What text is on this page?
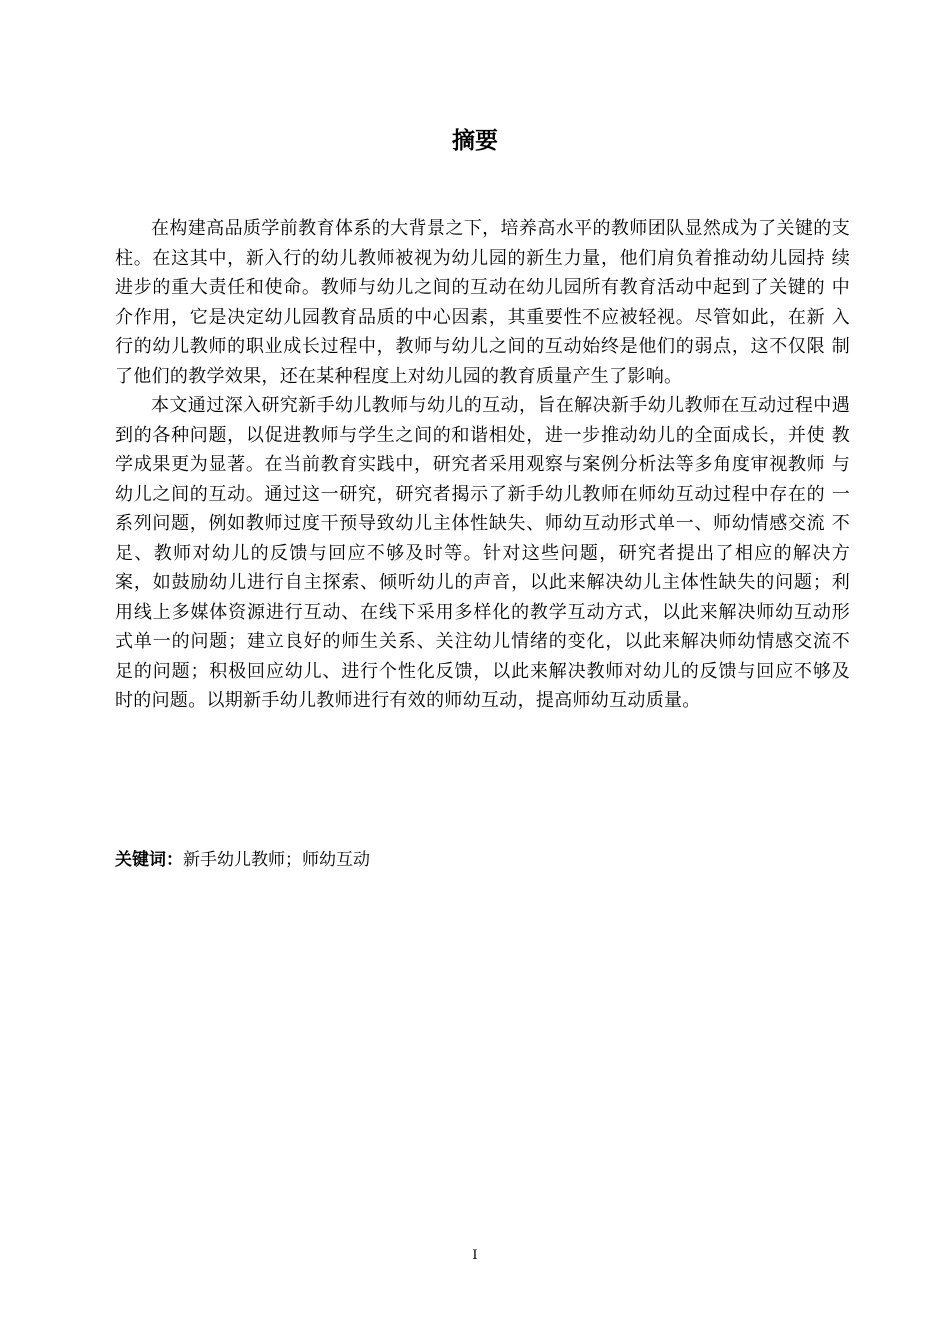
摘要

在构建高品质学前教育体系的大背景之下，培养高水平的教师团队显然成为了关键的支柱。在这其中，新入行的幼儿教师被视为幼儿园的新生力量，他们肩负着推动幼儿园持 续进步的重大责任和使命。教师与幼儿之间的互动在幼儿园所有教育活动中起到了关键的 中介作用，它是决定幼儿园教育品质的中心因素，其重要性不应被轻视。尽管如此，在新 入行的幼儿教师的职业成长过程中，教师与幼儿之间的互动始终是他们的弱点，这不仅限 制了他们的教学效果，还在某种程度上对幼儿园的教育质量产生了影响。

本文通过深入研究新手幼儿教师与幼儿的互动，旨在解决新手幼儿教师在互动过程中遇到的各种问题，以促进教师与学生之间的和谐相处，进一步推动幼儿的全面成长，并使 教学成果更为显著。在当前教育实践中，研究者采用观察与案例分析法等多角度审视教师 与幼儿之间的互动。通过这一研究，研究者揭示了新手幼儿教师在师幼互动过程中存在的 一系列问题，例如教师过度干预导致幼儿主体性缺失、师幼互动形式单一、师幼情感交流 不足、教师对幼儿的反馈与回应不够及时等。针对这些问题，研究者提出了相应的解决方 案，如鼓励幼儿进行自主探索、倾听幼儿的声音，以此来解决幼儿主体性缺失的问题；利 用线上多媒体资源进行互动、在线下采用多样化的教学互动方式，以此来解决师幼互动形 式单一的问题；建立良好的师生关系、关注幼儿情绪的变化，以此来解决师幼情感交流不 足的问题；积极回应幼儿、进行个性化反馈，以此来解决教师对幼儿的反馈与回应不够及 时的问题。以期新手幼儿教师进行有效的师幼互动，提高师幼互动质量。

关键词：新手幼儿教师；师幼互动
I
